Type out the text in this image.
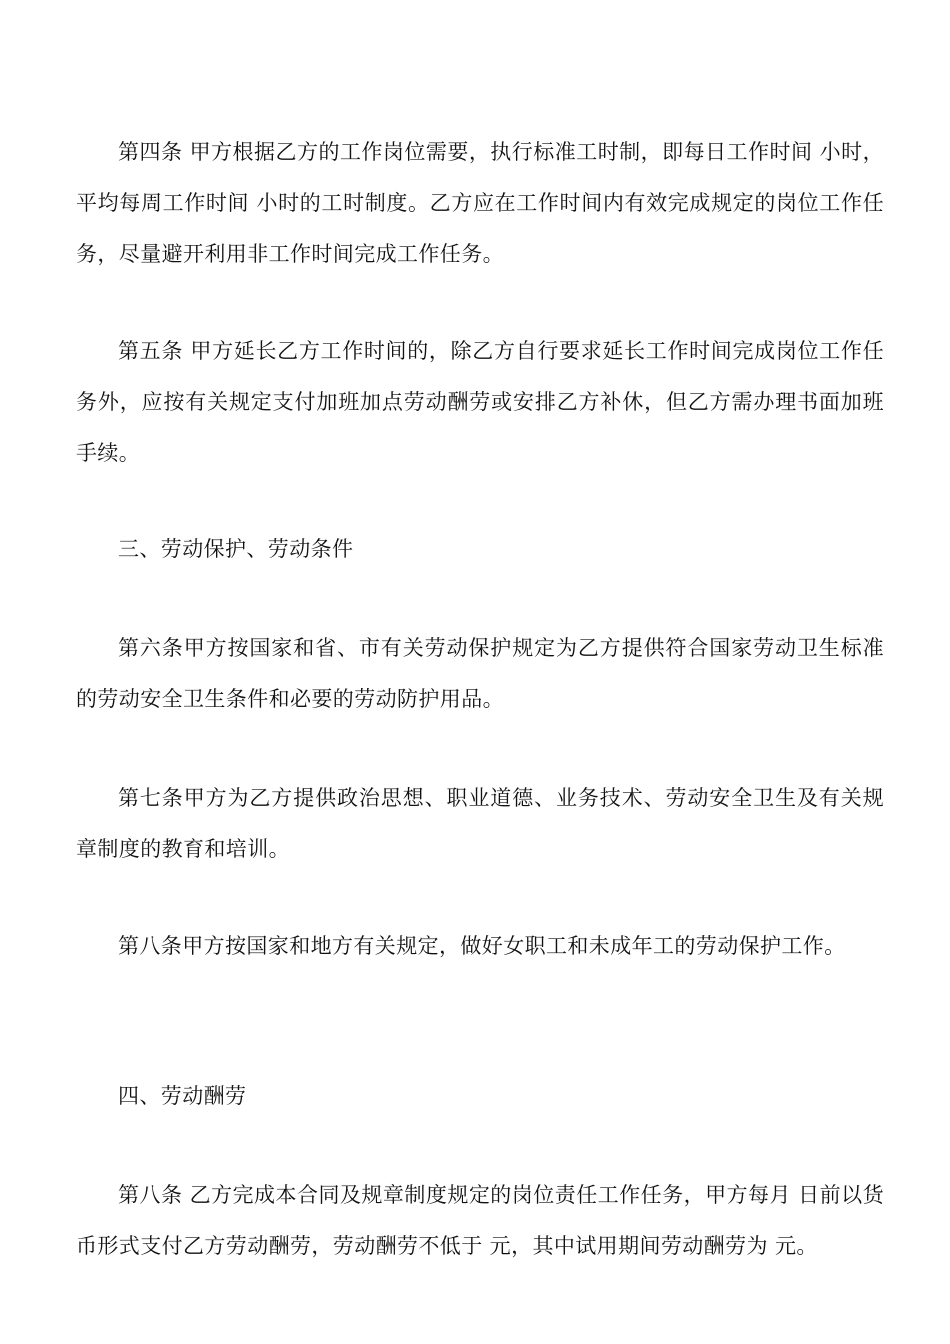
第四条 甲方根据乙方的工作岗位需要，执行标准工时制，即每日工作时间 小时，平均每周工作时间 小时的工时制度。乙方应在工作时间内有效完成规定的岗位工作任务，尽量避开利用非工作时间完成工作任务。

第五条 甲方延长乙方工作时间的，除乙方自行要求延长工作时间完成岗位工作任务外，应按有关规定支付加班加点劳动酬劳或安排乙方补休，但乙方需办理书面加班手续。

三、劳动保护、劳动条件

第六条甲方按国家和省、市有关劳动保护规定为乙方提供符合国家劳动卫生标准的劳动安全卫生条件和必要的劳动防护用品。

第七条甲方为乙方提供政治思想、职业道德、业务技术、劳动安全卫生及有关规章制度的教育和培训。

第八条甲方按国家和地方有关规定，做好女职工和未成年工的劳动保护工作。

四、劳动酬劳

第八条 乙方完成本合同及规章制度规定的岗位责任工作任务，甲方每月 日前以货币形式支付乙方劳动酬劳，劳动酬劳不低于 元，其中试用期间劳动酬劳为 元。
